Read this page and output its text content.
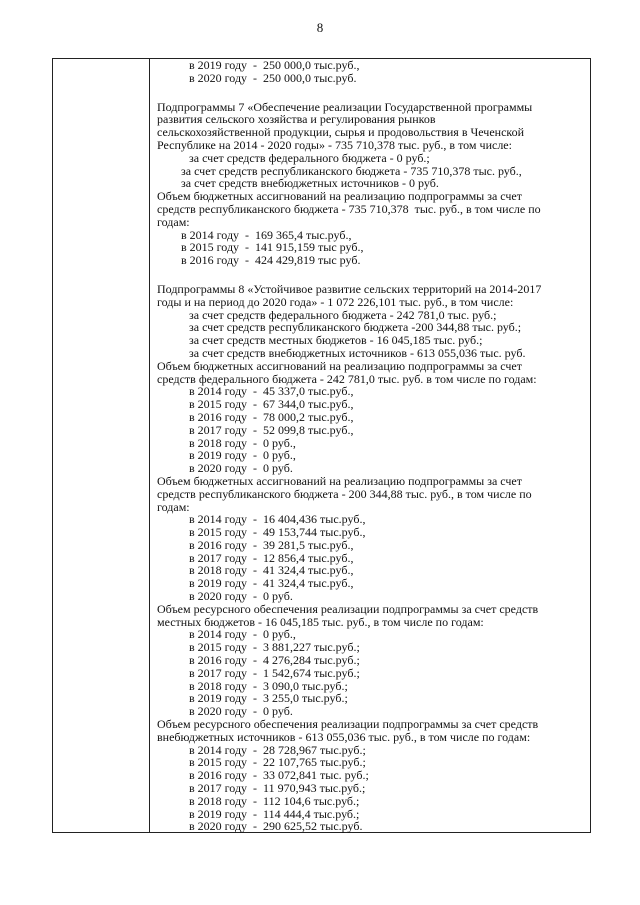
8
в 2019 году  -  250 000,0 тыс.руб.,
в 2020 году  -  250 000,0 тыс.руб.
Подпрограммы 7 «Обеспечение реализации Государственной программы
развития сельского хозяйства и регулирования рынков
сельскохозяйственной продукции, сырья и продовольствия в Чеченской
Республике на 2014 - 2020 годы» - 735 710,378 тыс. руб., в том числе:
за счет средств федерального бюджета - 0 руб.;
за счет средств республиканского бюджета - 735 710,378 тыс. руб.,
за счет средств внебюджетных источников - 0 руб.
Объем бюджетных ассигнований на реализацию подпрограммы за счет
средств республиканского бюджета - 735 710,378  тыс. руб., в том числе по
годам:
в 2014 году  -  169 365,4 тыс.руб.,
в 2015 году  -  141 915,159 тыс руб.,
в 2016 году  -  424 429,819 тыс руб.
Подпрограммы 8 «Устойчивое развитие сельских территорий на 2014-2017
годы и на период до 2020 года» - 1 072 226,101 тыс. руб., в том числе:
за счет средств федерального бюджета - 242 781,0 тыс. руб.;
за счет средств республиканского бюджета -200 344,88 тыс. руб.;
за счет средств местных бюджетов - 16 045,185 тыс. руб.;
за счет средств внебюджетных источников - 613 055,036 тыс. руб.
Объем бюджетных ассигнований на реализацию подпрограммы за счет
средств федерального бюджета - 242 781,0 тыс. руб. в том числе по годам:
в 2014 году  -  45 337,0 тыс.руб.,
в 2015 году  -  67 344,0 тыс.руб.,
в 2016 году  -  78 000,2 тыс.руб.,
в 2017 году  -  52 099,8 тыс.руб.,
в 2018 году  -  0 руб.,
в 2019 году  -  0 руб.,
в 2020 году  -  0 руб.
Объем бюджетных ассигнований на реализацию подпрограммы за счет
средств республиканского бюджета - 200 344,88 тыс. руб., в том числе по
годам:
в 2014 году  -  16 404,436 тыс.руб.,
в 2015 году  -  49 153,744 тыс.руб.,
в 2016 году  -  39 281,5 тыс.руб.,
в 2017 году  -  12 856,4 тыс.руб.,
в 2018 году  -  41 324,4 тыс.руб.,
в 2019 году  -  41 324,4 тыс.руб.,
в 2020 году  -  0 руб.
Объем ресурсного обеспечения реализации подпрограммы за счет средств
местных бюджетов - 16 045,185 тыс. руб., в том числе по годам:
в 2014 году  -  0 руб.,
в 2015 году  -  3 881,227 тыс.руб.;
в 2016 году  -  4 276,284 тыс.руб.;
в 2017 году  -  1 542,674 тыс.руб.;
в 2018 году  -  3 090,0 тыс.руб.;
в 2019 году  -  3 255,0 тыс.руб.;
в 2020 году  -  0 руб.
Объем ресурсного обеспечения реализации подпрограммы за счет средств
внебюджетных источников - 613 055,036 тыс. руб., в том числе по годам:
в 2014 году  -  28 728,967 тыс.руб.;
в 2015 году  -  22 107,765 тыс.руб.;
в 2016 году  -  33 072,841 тыс. руб.;
в 2017 году  -  11 970,943 тыс.руб.;
в 2018 году  -  112 104,6 тыс.руб.;
в 2019 году  -  114 444,4 тыс.руб.;
в 2020 году  -  290 625,52 тыс.руб.
